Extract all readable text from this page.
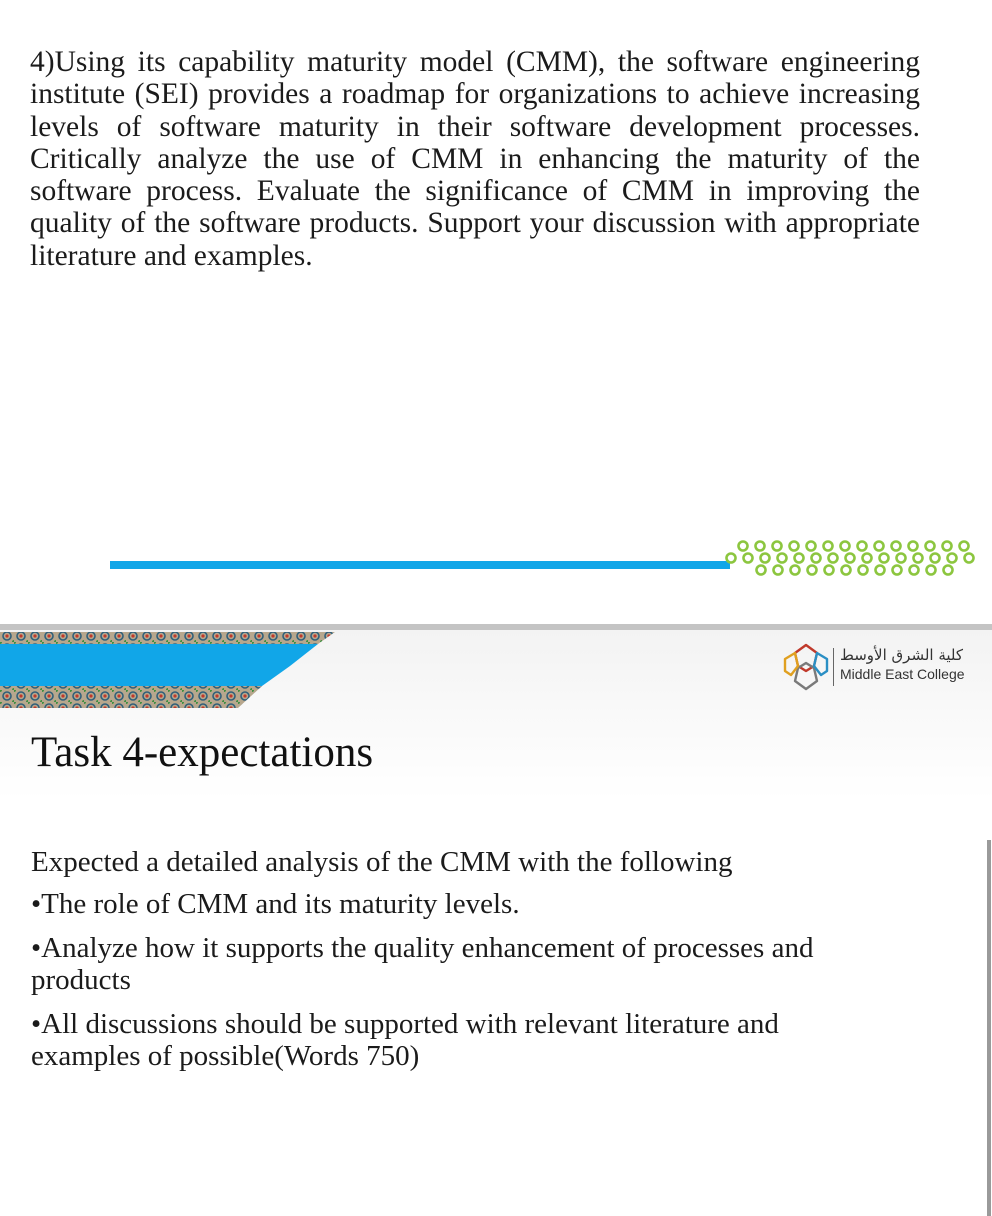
4)Using its capability maturity model (CMM), the software engineering institute (SEI) provides a roadmap for organizations to achieve increasing levels of software maturity in their software development processes. Critically analyze the use of CMM in enhancing the maturity of the software process. Evaluate the significance of CMM in improving the quality of the software products. Support your discussion with appropriate literature and examples.

كلية الشرق الأوسط
Middle East College
Task 4-expectations

Expected a detailed analysis of the CMM with the following

•The role of CMM and its maturity levels.
•Analyze how it supports the quality enhancement of processes and products
•All discussions should be supported with relevant literature and examples of possible(Words 750)
